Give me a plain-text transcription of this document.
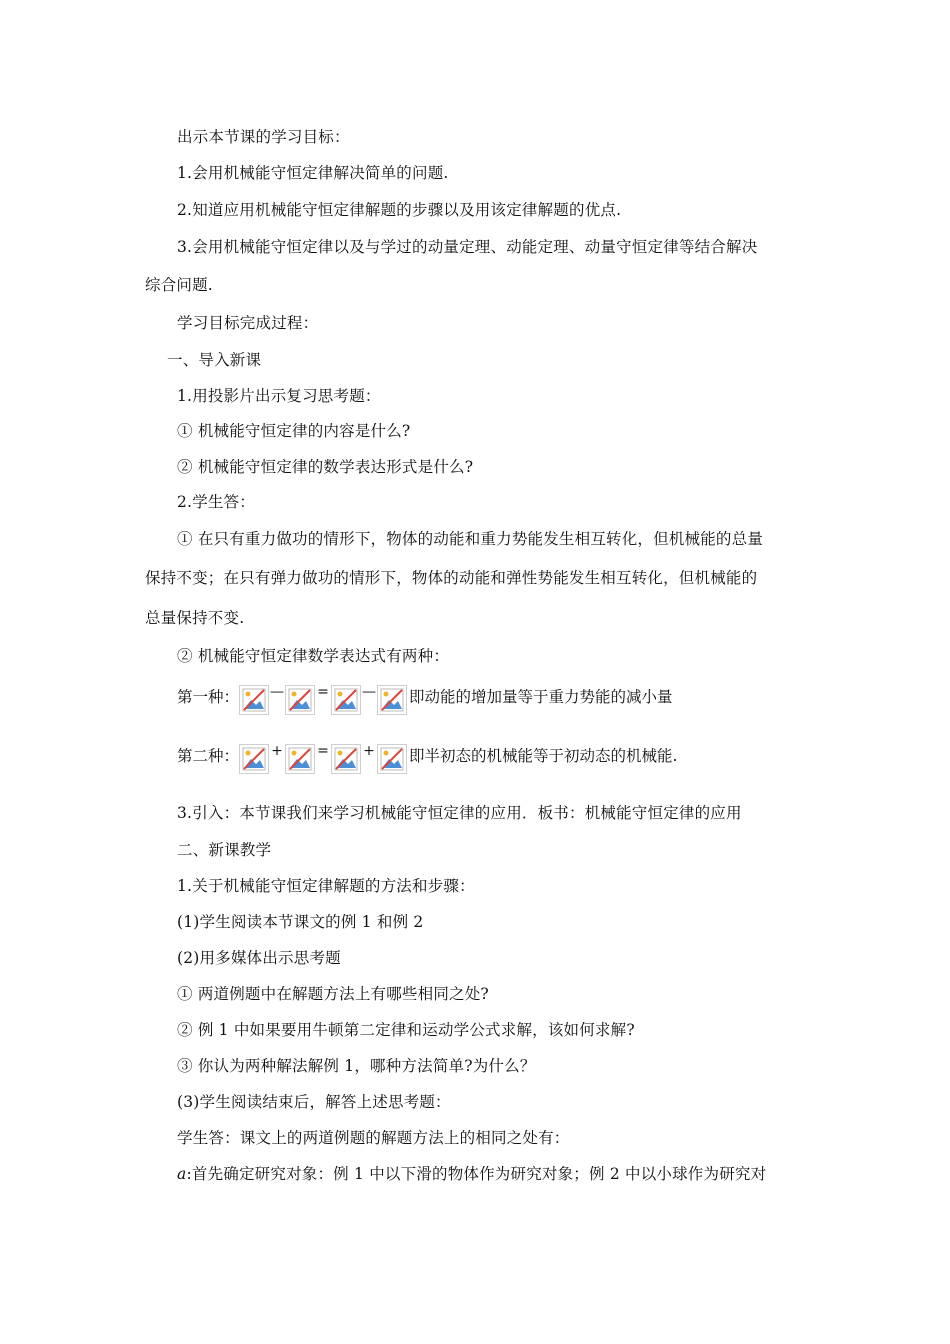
出示本节课的学习目标：
1.会用机械能守恒定律解决简单的问题.
2.知道应用机械能守恒定律解题的步骤以及用该定律解题的优点.
3.会用机械能守恒定律以及与学过的动量定理、动能定理、动量守恒定律等结合解决
综合问题.
学习目标完成过程：
一、导入新课
1.用投影片出示复习思考题：
① 机械能守恒定律的内容是什么?
② 机械能守恒定律的数学表达形式是什么?
2.学生答：
① 在只有重力做功的情形下，物体的动能和重力势能发生相互转化，但机械能的总量
保持不变；在只有弹力做功的情形下，物体的动能和弹性势能发生相互转化，但机械能的
总量保持不变.
② 机械能守恒定律数学表达式有两种：
第一种： — = — 即动能的增加量等于重力势能的减小量
第二种： + = + 即半初态的机械能等于初动态的机械能.
3.引入：本节课我们来学习机械能守恒定律的应用．板书：机械能守恒定律的应用
二、新课教学
1.关于机械能守恒定律解题的方法和步骤：
(1)学生阅读本节课文的例 1 和例 2
(2)用多媒体出示思考题
① 两道例题中在解题方法上有哪些相同之处?
② 例 1 中如果要用牛顿第二定律和运动学公式求解，该如何求解?
③ 你认为两种解法解例 1，哪种方法简单?为什么？
(3)学生阅读结束后，解答上述思考题：
学生答：课文上的两道例题的解题方法上的相同之处有：
a:首先确定研究对象：例 1 中以下滑的物体作为研究对象；例 2 中以小球作为研究对
